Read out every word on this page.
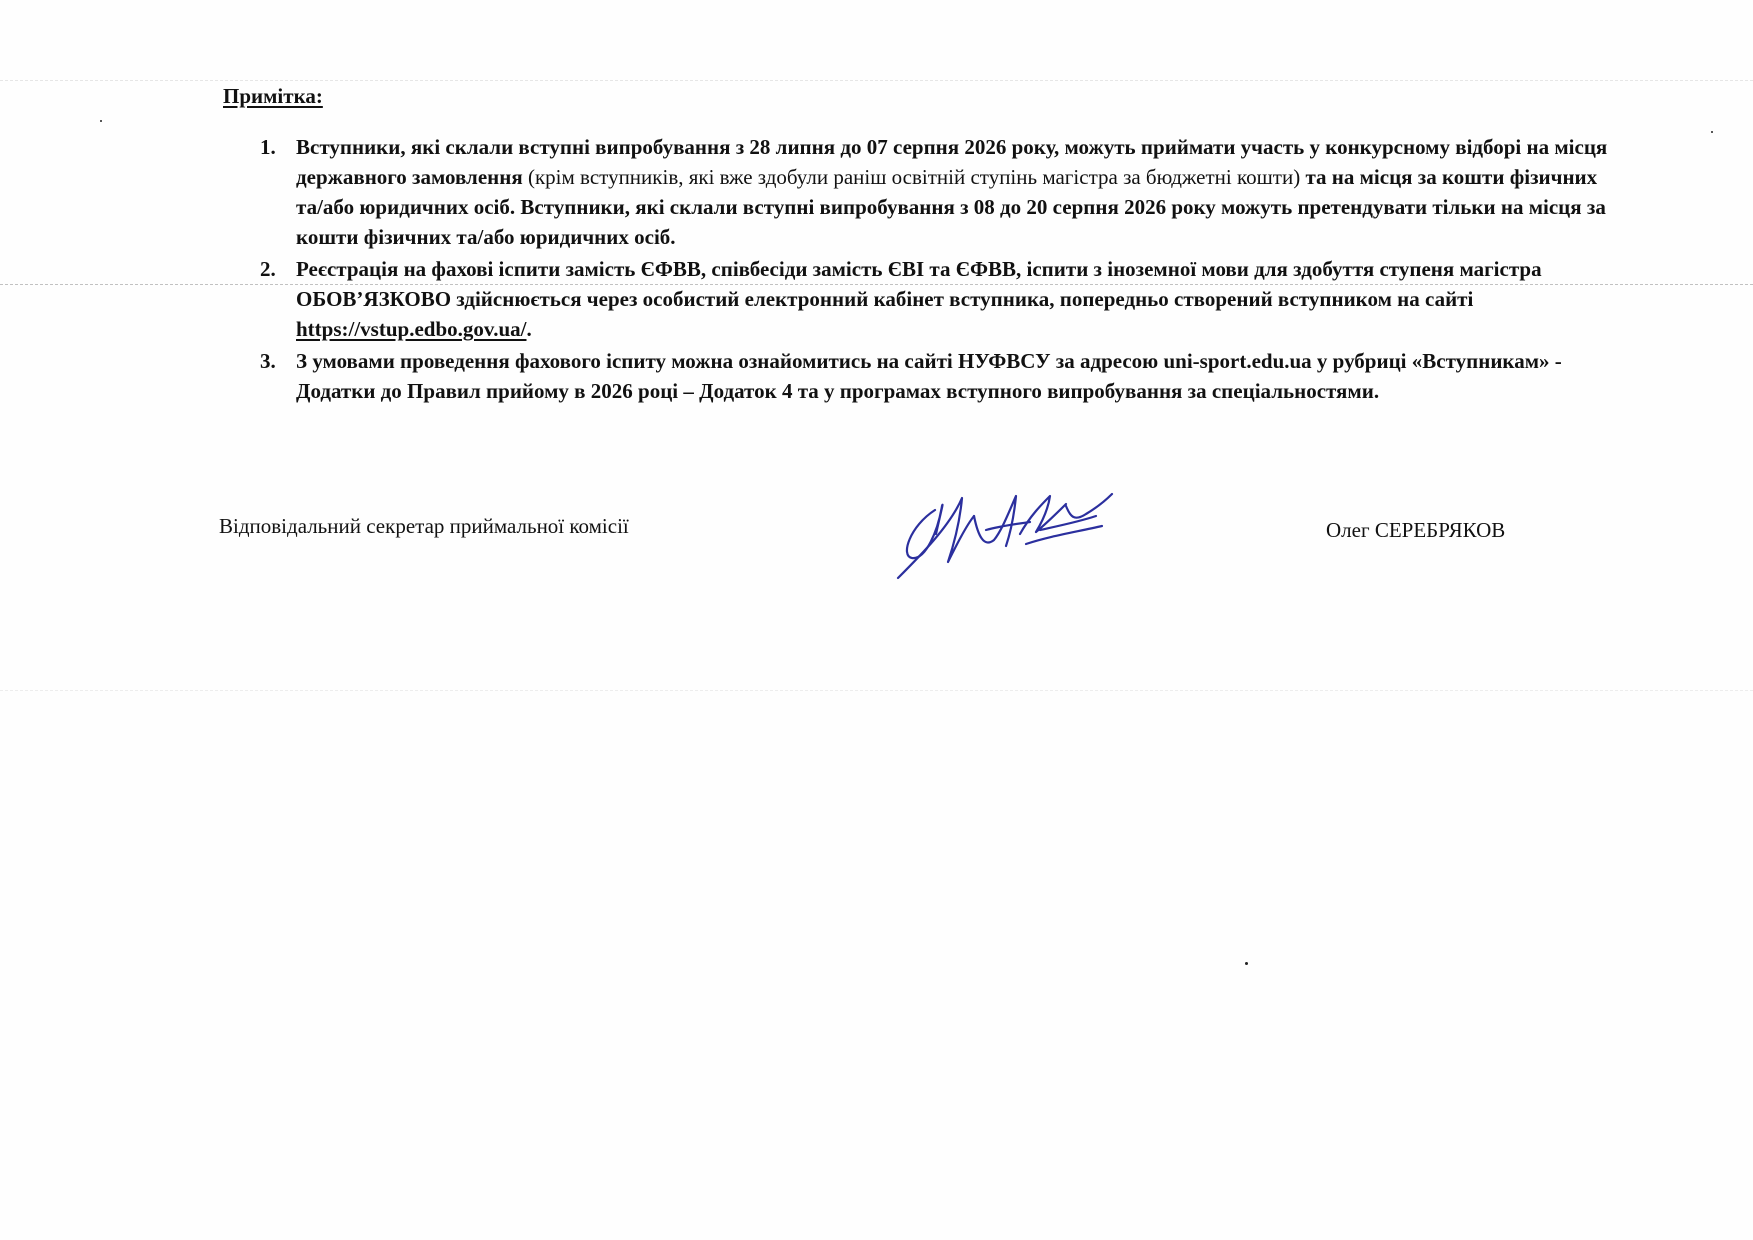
Примітка:

1. Вступники, які склали вступні випробування з 28 липня до 07 серпня 2026 року, можуть приймати участь у конкурсному відборі на місця державного замовлення (крім вступників, які вже здобули раніш освітній ступінь магістра за бюджетні кошти) та на місця за кошти фізичних та/або юридичних осіб. Вступники, які склали вступні випробування з 08 до 20 серпня 2026 року можуть претендувати тільки на місця за кошти фізичних та/або юридичних осіб.
2. Реєстрація на фахові іспити замість ЄФВВ, співбесіди замість ЄВІ та ЄФВВ, іспити з іноземної мови для здобуття ступеня магістра ОБОВ’ЯЗКОВО здійснюється через особистий електронний кабінет вступника, попередньо створений вступником на сайті https://vstup.edbo.gov.ua/.
3. З умовами проведення фахового іспиту можна ознайомитись на сайті НУФВСУ за адресою uni-sport.edu.ua у рубриці «Вступникам» - Додатки до Правил прийому в 2026 році – Додаток 4 та у програмах вступного випробування за спеціальностями.

Відповідальний секретар приймальної комісії	Олег СЕРЕБРЯКОВ
